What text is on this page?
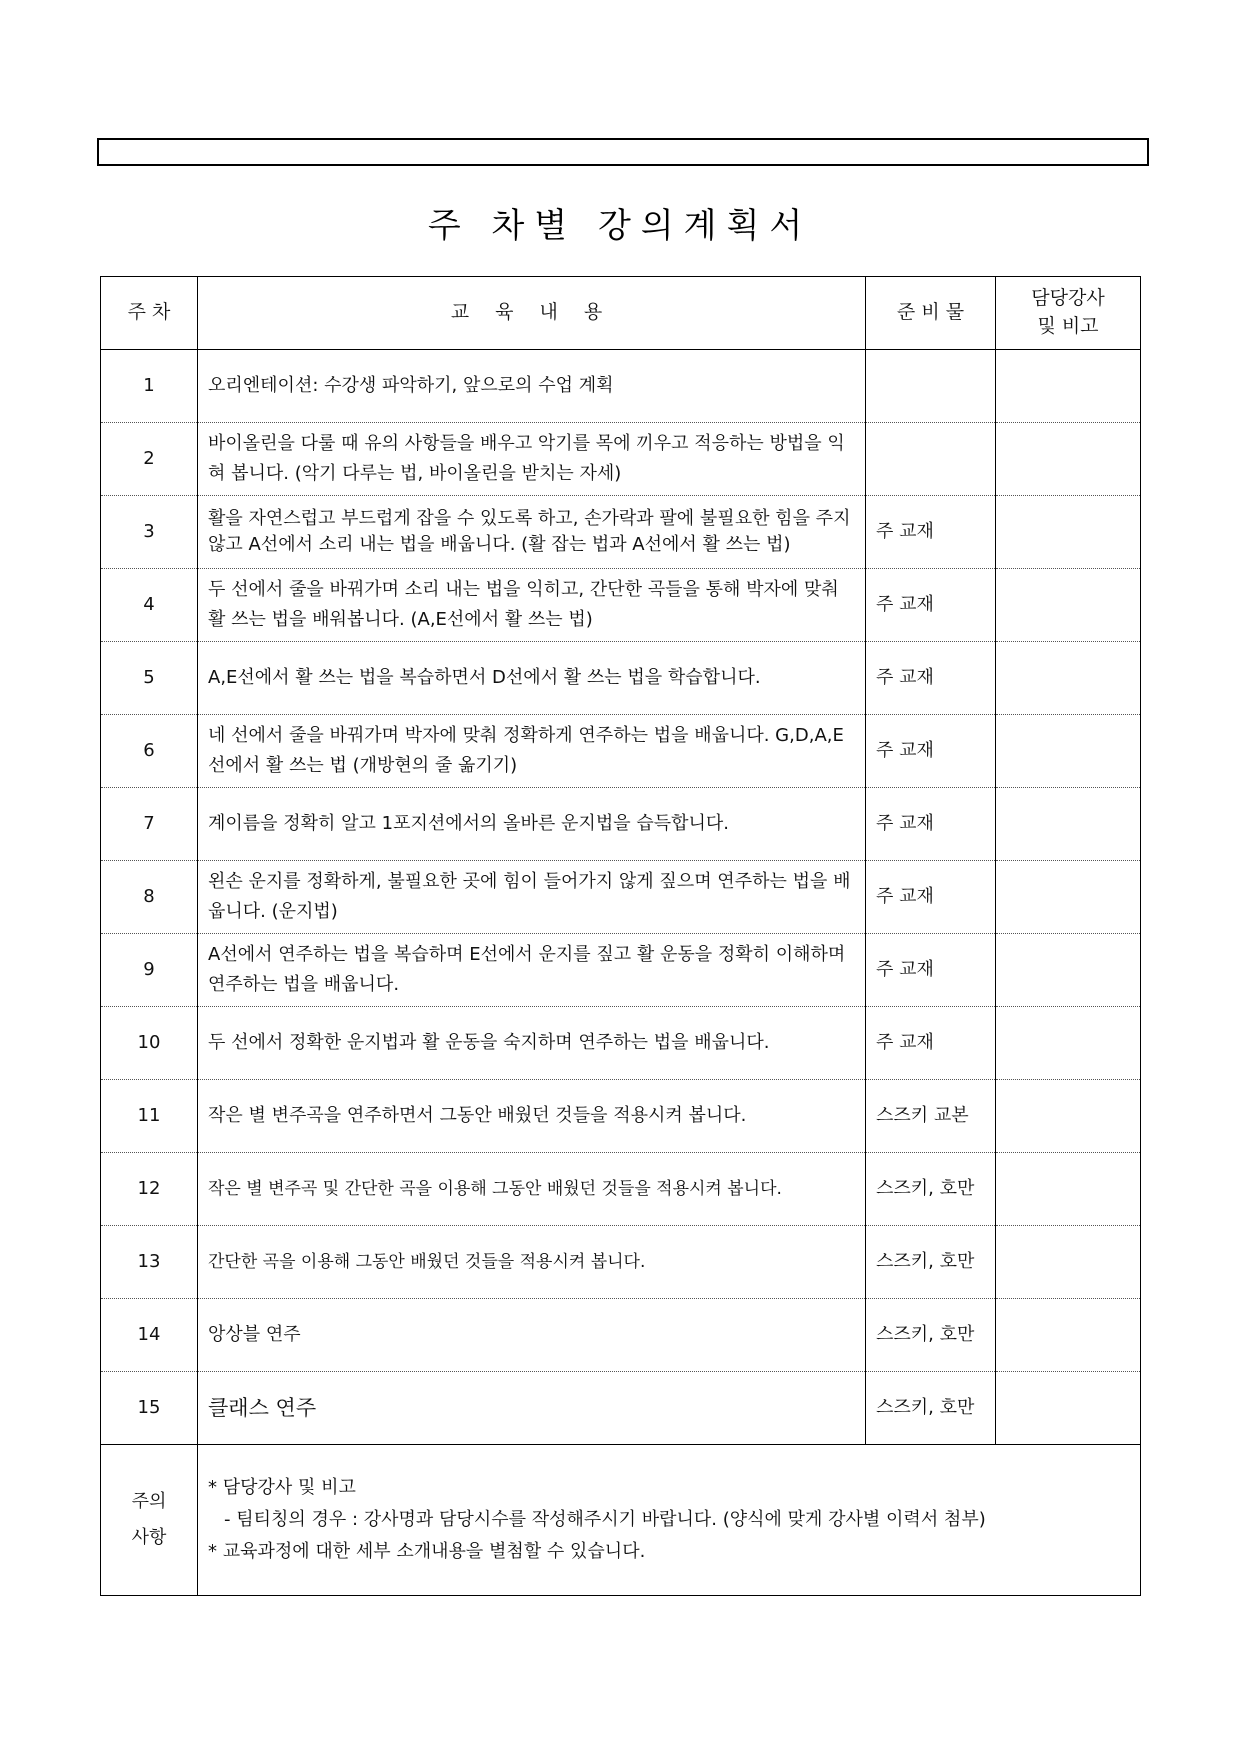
주 차별 강의계획서
주 차	교 육 내 용	준 비 물	담당강사
및 비고
1	오리엔테이션: 수강생 파악하기, 앞으로의 수업 계획		
2	바이올린을 다룰 때 유의 사항들을 배우고 악기를 목에 끼우고 적응하는 방법을 익혀 봅니다. (악기 다루는 법, 바이올린을 받치는 자세)		
3	활을 자연스럽고 부드럽게 잡을 수 있도록 하고, 손가락과 팔에 불필요한 힘을 주지 않고 A선에서 소리 내는 법을 배웁니다. (활 잡는 법과 A선에서 활 쓰는 법)	주 교재	
4	두 선에서 줄을 바꿔가며 소리 내는 법을 익히고, 간단한 곡들을 통해 박자에 맞춰 활 쓰는 법을 배워봅니다. (A,E선에서 활 쓰는 법)	주 교재	
5	A,E선에서 활 쓰는 법을 복습하면서 D선에서 활 쓰는 법을 학습합니다.	주 교재	
6	네 선에서 줄을 바꿔가며 박자에 맞춰 정확하게 연주하는 법을 배웁니다. G,D,A,E선에서 활 쓰는 법 (개방현의 줄 옮기기)	주 교재	
7	계이름을 정확히 알고 1포지션에서의 올바른 운지법을 습득합니다.	주 교재	
8	왼손 운지를 정확하게, 불필요한 곳에 힘이 들어가지 않게 짚으며 연주하는 법을 배웁니다. (운지법)	주 교재	
9	A선에서 연주하는 법을 복습하며 E선에서 운지를 짚고 활 운동을 정확히 이해하며 연주하는 법을 배웁니다.	주 교재	
10	두 선에서 정확한 운지법과 활 운동을 숙지하며 연주하는 법을 배웁니다.	주 교재	
11	작은 별 변주곡을 연주하면서 그동안 배웠던 것들을 적용시켜 봅니다.	스즈키 교본	
12	작은 별 변주곡 및 간단한 곡을 이용해 그동안 배웠던 것들을 적용시켜 봅니다.	스즈키, 호만	
13	간단한 곡을 이용해 그동안 배웠던 것들을 적용시켜 봅니다.	스즈키, 호만	
14	앙상블 연주	스즈키, 호만	
15	클래스 연주	스즈키, 호만	
주의
사항	* 담당강사 및 비고
- 팀티칭의 경우 : 강사명과 담당시수를 작성해주시기 바랍니다. (양식에 맞게 강사별 이력서 첨부)
* 교육과정에 대한 세부 소개내용을 별첨할 수 있습니다.		
